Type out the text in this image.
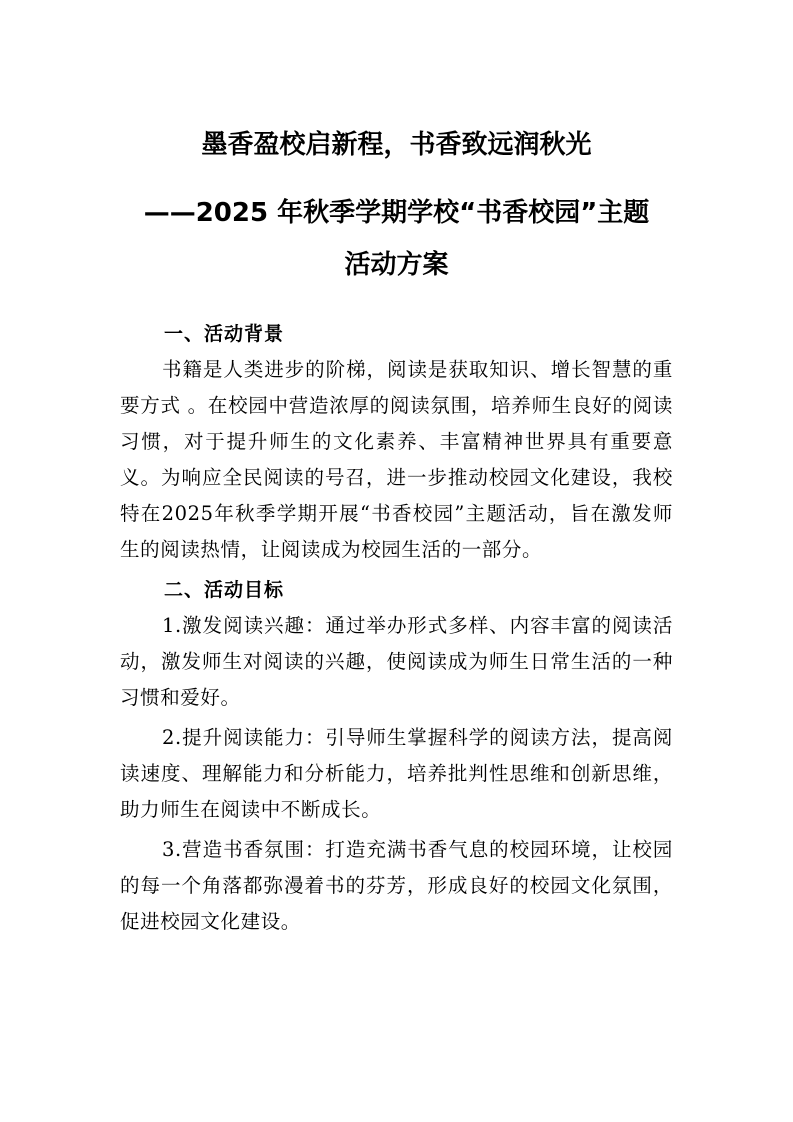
墨香盈校启新程，书香致远润秋光
——2025 年秋季学期学校“书香校园”主题
活动方案

一、活动背景

书籍是人类进步的阶梯，阅读是获取知识、增长智慧的重要方式 。在校园中营造浓厚的阅读氛围，培养师生良好的阅读习惯，对于提升师生的文化素养、丰富精神世界具有重要意义。为响应全民阅读的号召，进一步推动校园文化建设，我校特在2025年秋季学期开展“书香校园”主题活动，旨在激发师生的阅读热情，让阅读成为校园生活的一部分。

二、活动目标

1.激发阅读兴趣：通过举办形式多样、内容丰富的阅读活动，激发师生对阅读的兴趣，使阅读成为师生日常生活的一种习惯和爱好。

2.提升阅读能力：引导师生掌握科学的阅读方法，提高阅读速度、理解能力和分析能力，培养批判性思维和创新思维，助力师生在阅读中不断成长。

3.营造书香氛围：打造充满书香气息的校园环境，让校园的每一个角落都弥漫着书的芬芳，形成良好的校园文化氛围，促进校园文化建设。
